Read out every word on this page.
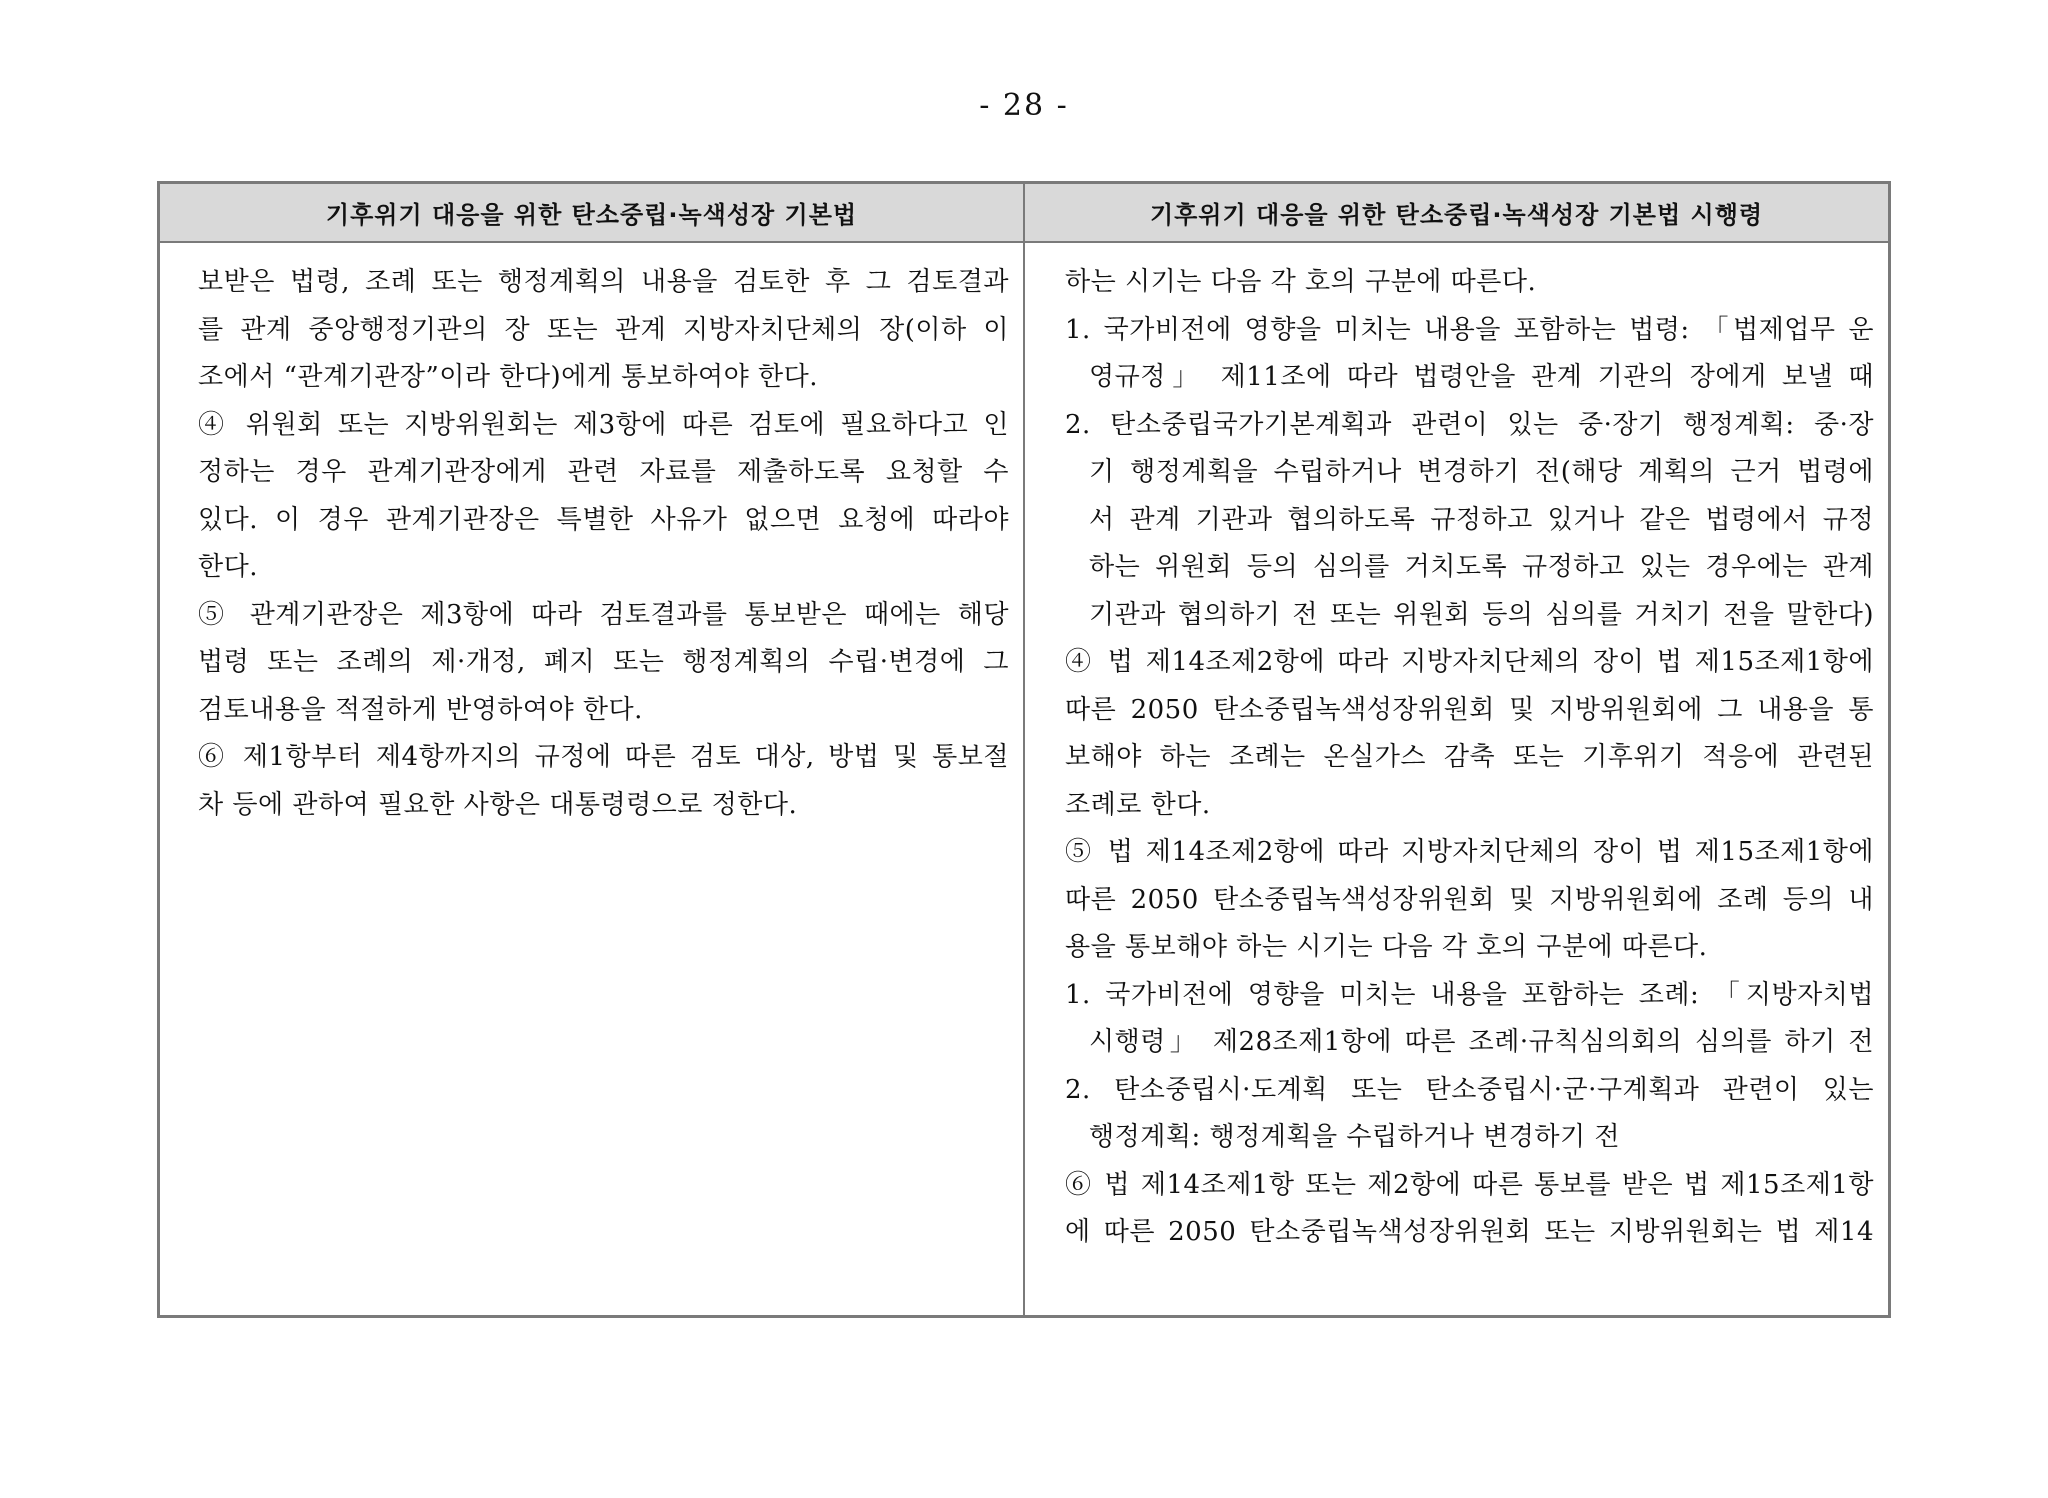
- 28 -
기후위기 대응을 위한 탄소중립·녹색성장 기본법	기후위기 대응을 위한 탄소중립·녹색성장 기본법 시행령
보받은 법령, 조례 또는 행정계획의 내용을 검토한 후 그 검토결과
를 관계 중앙행정기관의 장 또는 관계 지방자치단체의 장(이하 이
조에서 “관계기관장”이라 한다)에게 통보하여야 한다.
④ 위원회 또는 지방위원회는 제3항에 따른 검토에 필요하다고 인
정하는 경우 관계기관장에게 관련 자료를 제출하도록 요청할 수
있다. 이 경우 관계기관장은 특별한 사유가 없으면 요청에 따라야
한다.
⑤ 관계기관장은 제3항에 따라 검토결과를 통보받은 때에는 해당
법령 또는 조례의 제·개정, 폐지 또는 행정계획의 수립·변경에 그
검토내용을 적절하게 반영하여야 한다.
⑥ 제1항부터 제4항까지의 규정에 따른 검토 대상, 방법 및 통보절
차 등에 관하여 필요한 사항은 대통령령으로 정한다.
하는 시기는 다음 각 호의 구분에 따른다.
1. 국가비전에 영향을 미치는 내용을 포함하는 법령: 「법제업무 운
영규정」 제11조에 따라 법령안을 관계 기관의 장에게 보낼 때
2. 탄소중립국가기본계획과 관련이 있는 중·장기 행정계획: 중·장
기 행정계획을 수립하거나 변경하기 전(해당 계획의 근거 법령에
서 관계 기관과 협의하도록 규정하고 있거나 같은 법령에서 규정
하는 위원회 등의 심의를 거치도록 규정하고 있는 경우에는 관계
기관과 협의하기 전 또는 위원회 등의 심의를 거치기 전을 말한다)
④ 법 제14조제2항에 따라 지방자치단체의 장이 법 제15조제1항에
따른 2050 탄소중립녹색성장위원회 및 지방위원회에 그 내용을 통
보해야 하는 조례는 온실가스 감축 또는 기후위기 적응에 관련된
조례로 한다.
⑤ 법 제14조제2항에 따라 지방자치단체의 장이 법 제15조제1항에
따른 2050 탄소중립녹색성장위원회 및 지방위원회에 조례 등의 내
용을 통보해야 하는 시기는 다음 각 호의 구분에 따른다.
1. 국가비전에 영향을 미치는 내용을 포함하는 조례: 「지방자치법
시행령」 제28조제1항에 따른 조례·규칙심의회의 심의를 하기 전
2. 탄소중립시·도계획 또는 탄소중립시·군·구계획과 관련이 있는
행정계획: 행정계획을 수립하거나 변경하기 전
⑥ 법 제14조제1항 또는 제2항에 따른 통보를 받은 법 제15조제1항
에 따른 2050 탄소중립녹색성장위원회 또는 지방위원회는 법 제14
